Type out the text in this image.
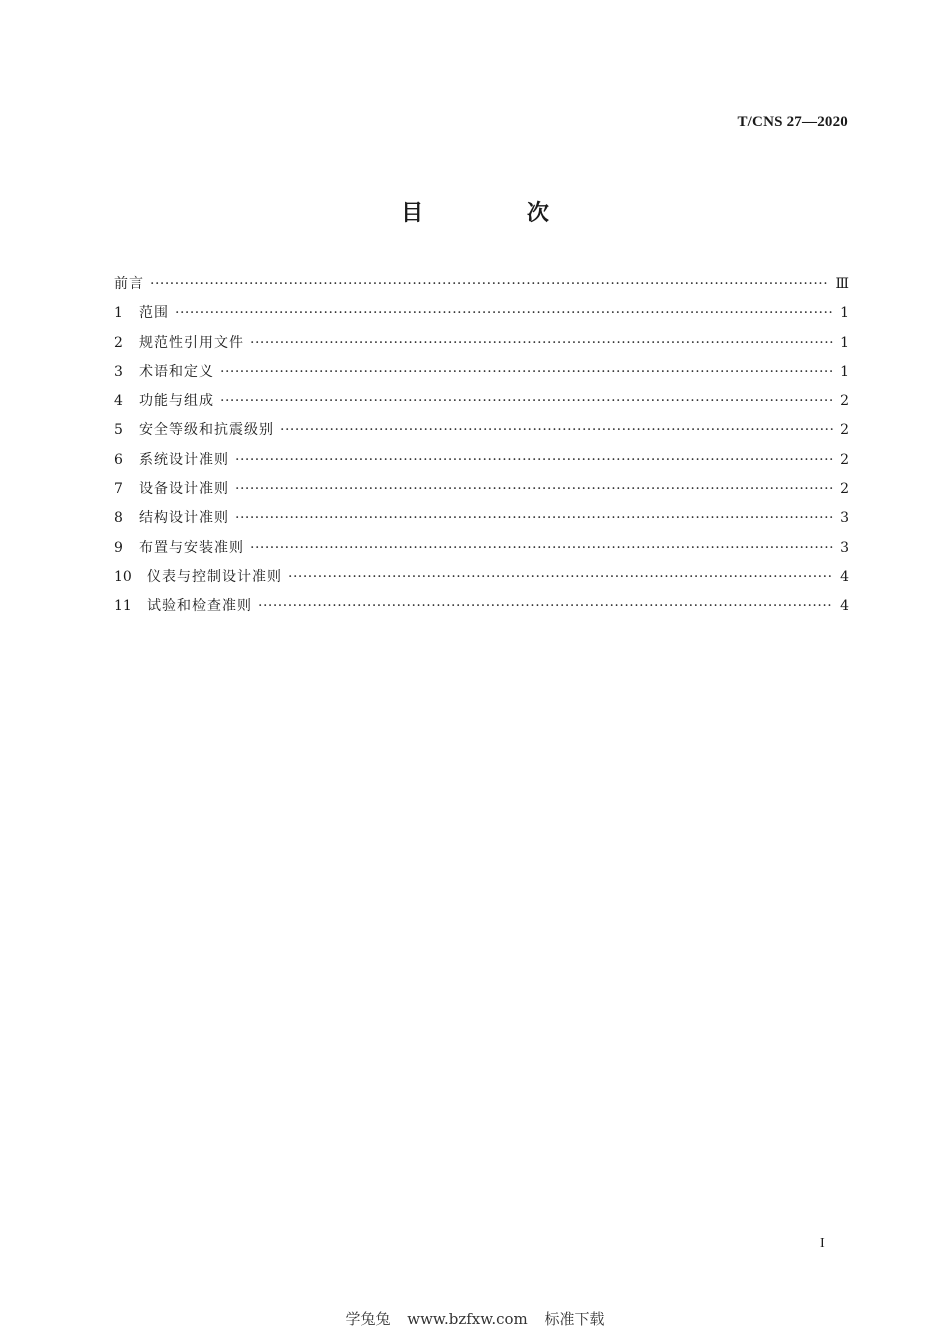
T/CNS 27—2020
目 次
前言 ·····	Ⅲ
1	范围 ·····	1
2	规范性引用文件 ·····	1
3	术语和定义 ·····	1
4	功能与组成 ·····	2
5	安全等级和抗震级别 ·····	2
6	系统设计准则 ·····	2
7	设备设计准则 ·····	2
8	结构设计准则 ·····	3
9	布置与安装准则 ·····	3
10	仪表与控制设计准则 ·····	4
11	试验和检查准则 ·····	4
I
学兔兔 www.bzfxw.com 标准下载
